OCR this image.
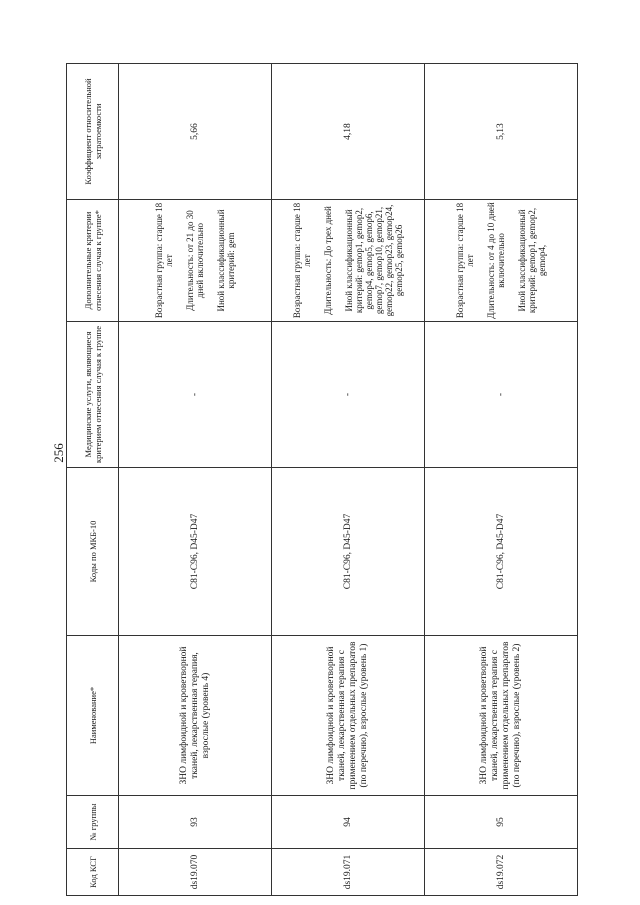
256
Код КСГ	№ группы	Наименование*	Коды по МКБ-10	Медицинские услуги, являющиеся критерием отнесения случая к группе	Дополнительные критерии отнесения случая к группе*	Коэффициент относительной затратоемкости
ds19.070	93	ЗНО лимфоидной и кроветворной тканей, лекарственная терапия, взрослые (уровень 4)	C81-C96, D45-D47	-	Возрастная группа: старше 18 лет Длительность: от 21 до 30 дней включительно Иной классификационный критерий: gem	5,66
ds19.071	94	ЗНО лимфоидной и кроветворной тканей, лекарственная терапия с применением отдельных препаратов (по перечню), взрослые (уровень 1)	C81-C96, D45-D47	-	Возрастная группа: старше 18 лет Длительность: До трех дней Иной классификационный критерий: gemop1, gemop2, gemop4, gemop5, gemop6, gemop7, gemop10, gemop21, gemop22, gemop23, gemop24, gemop25, gemop26	4,18
ds19.072	95	ЗНО лимфоидной и кроветворной тканей, лекарственная терапия с применением отдельных препаратов (по перечню), взрослые (уровень 2)	C81-C96, D45-D47	-	Возрастная группа: старше 18 лет Длительность: от 4 до 10 дней включительно Иной классификационный критерий: gemop1, gemop2, gemop4,	5,13
